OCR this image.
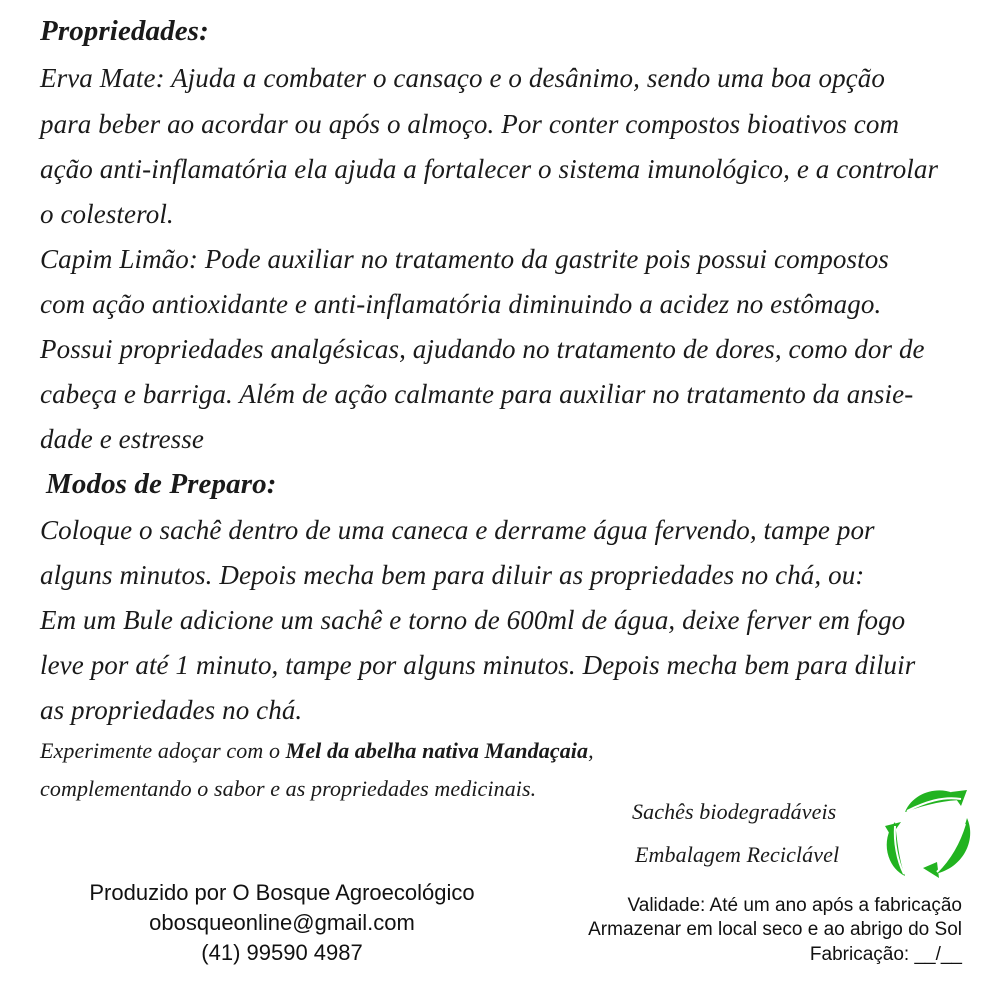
Propriedades:
Erva Mate: Ajuda a combater o cansaço e o desânimo, sendo uma boa opção
para beber ao acordar ou após o almoço. Por conter compostos bioativos com
ação anti-inflamatória ela ajuda a fortalecer o sistema imunológico, e a controlar
o colesterol.
Capim Limão: Pode auxiliar no tratamento da gastrite pois possui compostos
com ação antioxidante e anti-inflamatória diminuindo a acidez no estômago.
Possui propriedades analgésicas, ajudando no tratamento de dores, como dor de
cabeça e barriga. Além de ação calmante para auxiliar no tratamento da ansie-
dade e estresse
Modos de Preparo:
Coloque o sachê dentro de uma caneca e derrame água fervendo, tampe por
alguns minutos. Depois mecha bem para diluir as propriedades no chá, ou:
Em um Bule adicione um sachê e torno de 600ml de água, deixe ferver em fogo
leve por até 1 minuto, tampe por alguns minutos. Depois mecha bem para diluir
as propriedades no chá.
Experimente adoçar com o Mel da abelha nativa Mandaçaia,
complementando o sabor e as propriedades medicinais.
Sachês biodegradáveis
Embalagem Reciclável
Produzido por O Bosque Agroecológico
obosqueonline@gmail.com
(41) 99590 4987
Validade: Até um ano após a fabricação
Armazenar em local seco e ao abrigo do Sol
Fabricação: __/__
